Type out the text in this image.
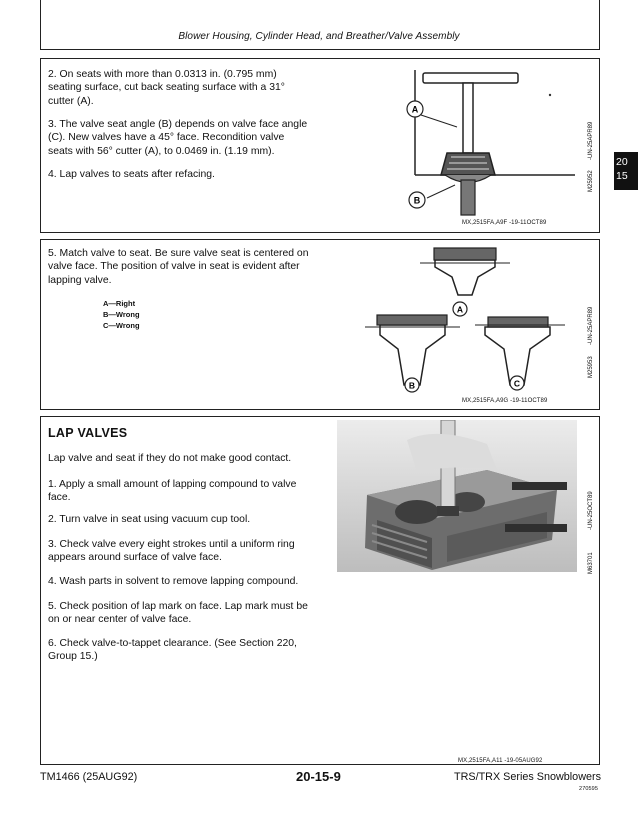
Blower Housing, Cylinder Head, and Breather/Valve Assembly
20
15

2. On seats with more than 0.0313 in. (0.795 mm) seating surface, cut back seating surface with a 31° cutter (A).

3. The valve seat angle (B) depends on valve face angle (C). New valves have a 45° face. Recondition valve seats with 56° cutter (A), to 0.0469 in. (1.19 mm).

4. Lap valves to seats after refacing.

A
B
M25952
-UN-25APR89
MX,2515FA,A9F -19-11OCT89

5. Match valve to seat. Be sure valve seat is centered on valve face. The position of valve in seat is evident after lapping valve.

A—Right
B—Wrong
C—Wrong
A
B	C
M25953
-UN-25APR89
MX,2515FA,A9G -19-11OCT89
LAP VALVES

Lap valve and seat if they do not make good contact.

1. Apply a small amount of lapping compound to valve face.

2. Turn valve in seat using vacuum cup tool.

3. Check valve every eight strokes until a uniform ring appears around surface of valve face.

4. Wash parts in solvent to remove lapping compound.

5. Check position of lap mark on face. Lap mark must be on or near center of valve face.

6. Check valve-to-tappet clearance. (See Section 220, Group 15.)

M63701
-UN-25OCT89
MX,2515FA,A11 -19-05AUG92
TM1466 (25AUG92)	20-15-9	TRS/TRX Series Snowblowers
270595
